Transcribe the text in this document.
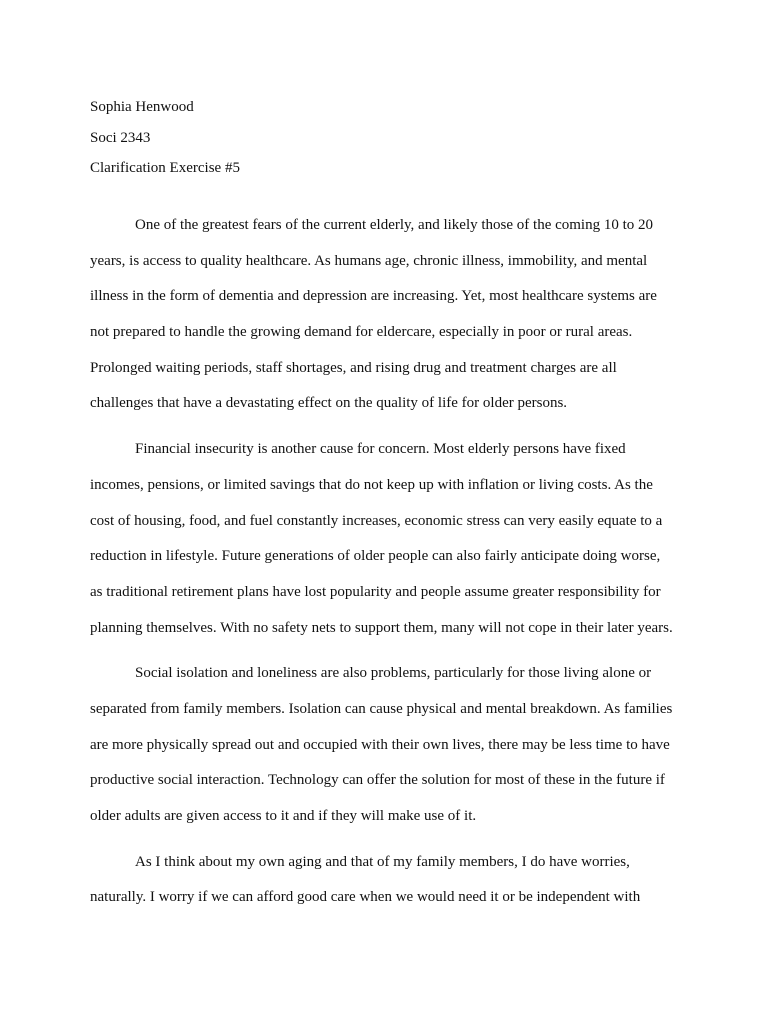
Sophia Henwood
Soci 2343
Clarification Exercise #5
One of the greatest fears of the current elderly, and likely those of the coming 10 to 20
years, is access to quality healthcare. As humans age, chronic illness, immobility, and mental
illness in the form of dementia and depression are increasing. Yet, most healthcare systems are
not prepared to handle the growing demand for eldercare, especially in poor or rural areas.
Prolonged waiting periods, staff shortages, and rising drug and treatment charges are all
challenges that have a devastating effect on the quality of life for older persons.
Financial insecurity is another cause for concern. Most elderly persons have fixed
incomes, pensions, or limited savings that do not keep up with inflation or living costs. As the
cost of housing, food, and fuel constantly increases, economic stress can very easily equate to a
reduction in lifestyle. Future generations of older people can also fairly anticipate doing worse,
as traditional retirement plans have lost popularity and people assume greater responsibility for
planning themselves. With no safety nets to support them, many will not cope in their later years.
Social isolation and loneliness are also problems, particularly for those living alone or
separated from family members. Isolation can cause physical and mental breakdown. As families
are more physically spread out and occupied with their own lives, there may be less time to have
productive social interaction. Technology can offer the solution for most of these in the future if
older adults are given access to it and if they will make use of it.
As I think about my own aging and that of my family members, I do have worries,
naturally. I worry if we can afford good care when we would need it or be independent with
